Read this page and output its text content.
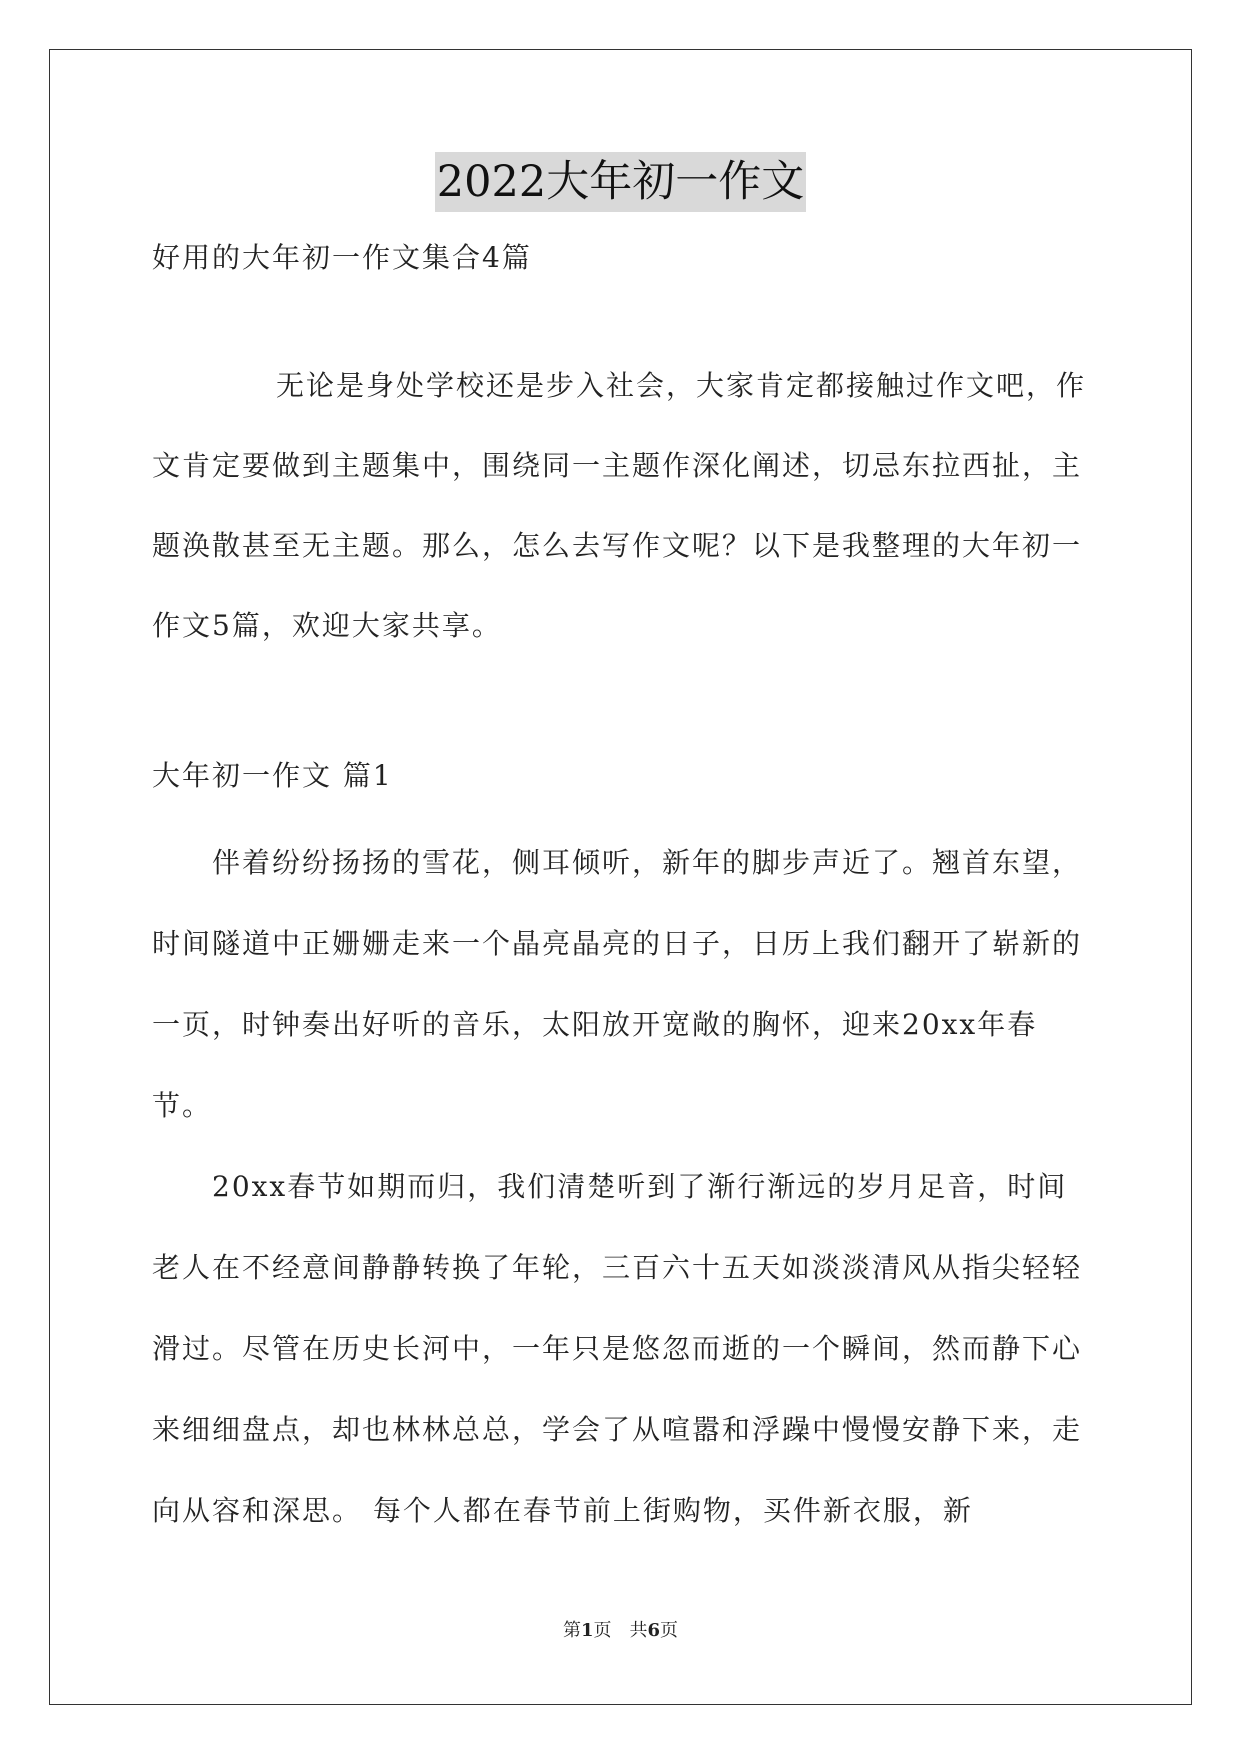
2022大年初一作文
好用的大年初一作文集合4篇
无论是身处学校还是步入社会，大家肯定都接触过作文吧，作文肯定要做到主题集中，围绕同一主题作深化阐述，切忌东拉西扯，主题涣散甚至无主题。那么，怎么去写作文呢？以下是我整理的大年初一作文5篇，欢迎大家共享。
大年初一作文 篇1
伴着纷纷扬扬的雪花，侧耳倾听，新年的脚步声近了。翘首东望，时间隧道中正姗姗走来一个晶亮晶亮的日子，日历上我们翻开了崭新的一页，时钟奏出好听的音乐，太阳放开宽敞的胸怀，迎来20xx年春节。
20xx春节如期而归，我们清楚听到了渐行渐远的岁月足音，时间老人在不经意间静静转换了年轮，三百六十五天如淡淡清风从指尖轻轻滑过。尽管在历史长河中，一年只是悠忽而逝的一个瞬间，然而静下心来细细盘点，却也林林总总，学会了从喧嚣和浮躁中慢慢安静下来，走向从容和深思。 每个人都在春节前上街购物，买件新衣服，新
第1页　共6页
